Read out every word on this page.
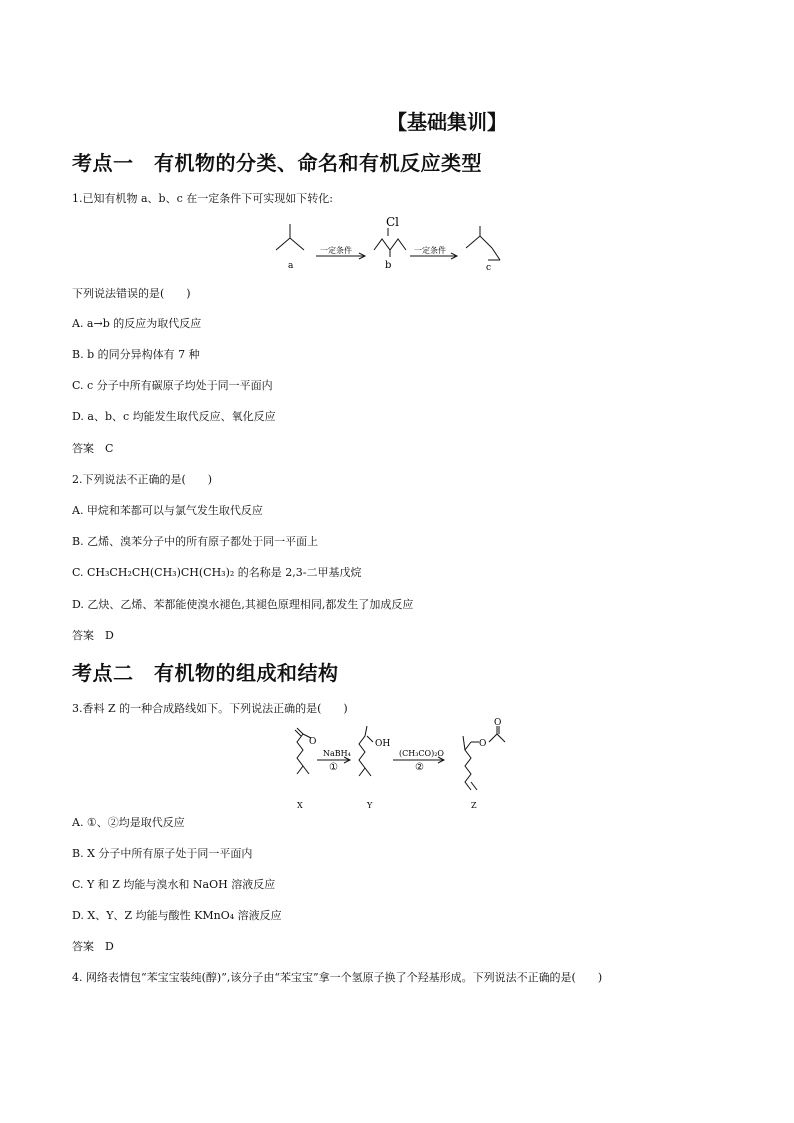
【基础集训】
考点一　有机物的分类、命名和有机反应类型
1.已知有机物 a、b、c 在一定条件下可实现如下转化:
Cl
a	b	c
一定条件	一定条件
下列说法错误的是(　　)
A. a→b 的反应为取代反应
B. b 的同分异构体有 7 种
C. c 分子中所有碳原子均处于同一平面内
D. a、b、c 均能发生取代反应、氧化反应
答案　C
2.下列说法不正确的是(　　)
A. 甲烷和苯都可以与氯气发生取代反应
B. 乙烯、溴苯分子中的所有原子都处于同一平面上
C. CH₃CH₂CH(CH₃)CH(CH₃)₂ 的名称是 2,3-二甲基戊烷
D. 乙炔、乙烯、苯都能使溴水褪色,其褪色原理相同,都发生了加成反应
答案　D
考点二　有机物的组成和结构
3.香料 Z 的一种合成路线如下。下列说法正确的是(　　)
O	OH	O
O
NaBH₄
①
(CH₃CO)₂O
②
X	Y	Z
A. ①、②均是取代反应
B. X 分子中所有原子处于同一平面内
C. Y 和 Z 均能与溴水和 NaOH 溶液反应
D. X、Y、Z 均能与酸性 KMnO₄ 溶液反应
答案　D
4. 网络表情包“苯宝宝装纯(醇)”,该分子由“苯宝宝”拿一个氢原子换了个羟基形成。下列说法不正确的是(　　)
